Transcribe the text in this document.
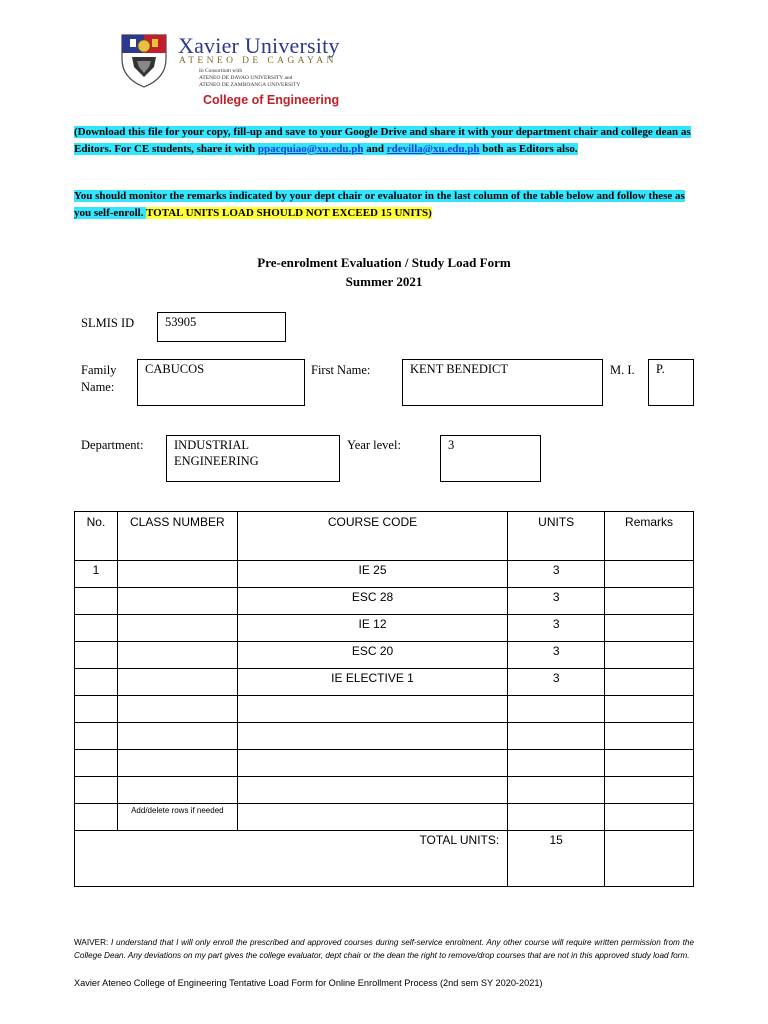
Xavier University
ATENEO DE CAGAYAN
In Consortium with
ATENEO DE DAVAO UNIVERSITY and
ATENEO DE ZAMBOANGA UNIVERSITY
College of Engineering
(Download this file for your copy, fill-up and save to your Google Drive and share it with your department chair and college dean as Editors. For CE students, share it with ppacquiao@xu.edu.ph and rdevilla@xu.edu.ph both as Editors also.
You should monitor the remarks indicated by your dept chair or evaluator in the last column of the table below and follow these as you self-enroll. TOTAL UNITS LOAD SHOULD NOT EXCEED 15 UNITS)
Pre-enrolment Evaluation / Study Load Form
Summer 2021
SLMIS ID	53905
Family
Name:
CABUCOS	First Name:	KENT BENEDICT	M. I.	P.
Department: INDUSTRIAL
ENGINEERING
Year level:	3
No.	CLASS NUMBER	COURSE CODE	UNITS	Remarks
1		IE 25	3	
		ESC 28	3	
		IE 12	3	
		ESC 20	3	
		IE ELECTIVE 1	3	

	Add/delete rows if needed			
TOTAL UNITS:			15	
WAIVER: I understand that I will only enroll the prescribed and approved courses during self-service enrolment. Any other course will require written permission from the College Dean. Any deviations on my part gives the college evaluator, dept chair or the dean the right to remove/drop courses that are not in this approved study load form.
Xavier Ateneo College of Engineering Tentative Load Form for Online Enrollment Process (2nd sem SY 2020-2021)
